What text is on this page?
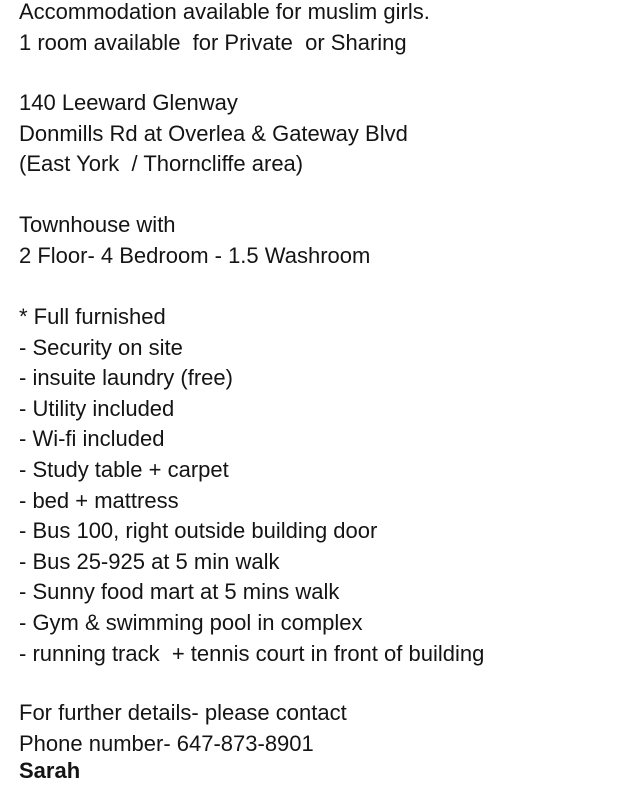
Accommodation available for muslim girls.
1 room available  for Private  or Sharing
140 Leeward Glenway
Donmills Rd at Overlea & Gateway Blvd
(East York  / Thorncliffe area)
Townhouse with
2 Floor- 4 Bedroom - 1.5 Washroom
* Full furnished
- Security on site
- insuite laundry (free)
- Utility included
- Wi-fi included
- Study table + carpet
- bed + mattress
- Bus 100, right outside building door
- Bus 25-925 at 5 min walk
- Sunny food mart at 5 mins walk
- Gym & swimming pool in complex
- running track  + tennis court in front of building
For further details- please contact
Phone number- 647-873-8901
Sarah
